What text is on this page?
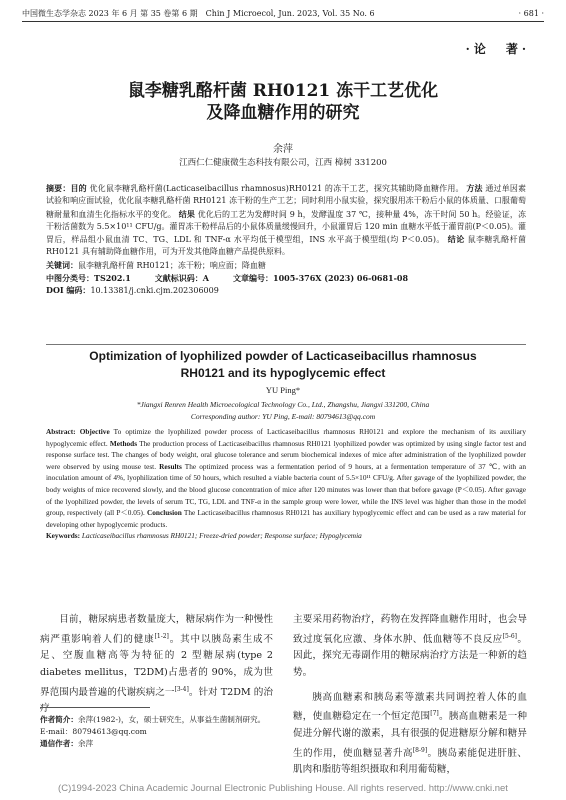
中国微生态学杂志 2023 年 6 月 第 35 卷第 6 期　Chin J Microecol, Jun. 2023, Vol. 35 No. 6	· 681 ·
·论　著·
鼠李糖乳酪杆菌 RH0121 冻干工艺优化
及降血糖作用的研究
余萍
江西仁仁健康微生态科技有限公司，江西 樟树 331200
摘要：目的 优化鼠李糖乳酪杆菌(Lacticaseibacillus rhamnosus)RH0121 的冻干工艺，探究其辅助降血糖作用。 方法 通过单因素试验和响应面试验，优化鼠李糖乳酪杆菌 RH0121 冻干粉的生产工艺；同时利用小鼠实验，探究服用冻干粉后小鼠的体质量、口服葡萄糖耐量和血清生化指标水平的变化。 结果 优化后的工艺为发酵时间 9 h，发酵温度 37 ℃，接种量 4%，冻干时间 50 h。经验证，冻干粉活菌数为 5.5×10¹¹ CFU/g。灌胃冻干粉样品后的小鼠体质量缓慢回升，小鼠灌胃后 120 min 血糖水平低于灌胃前(P＜0.05)。灌胃后，样品组小鼠血清 TC、TG、LDL 和 TNF-α 水平均低于模型组，INS 水平高于模型组(均 P＜0.05)。 结论 鼠李糖乳酪杆菌 RH0121 具有辅助降血糖作用，可为开发其他降血糖产品提供原料。
关键词：鼠李糖乳酪杆菌 RH0121；冻干粉；响应面；降血糖
中图分类号：TS202.1	文献标识码：A	文章编号：1005-376X (2023) 06-0681-08
DOI 编码：10.13381/j.cnki.cjm.202306009
Optimization of lyophilized powder of Lacticaseibacillus rhamnosus
RH0121 and its hypoglycemic effect
YU Ping*
*Jiangxi Renren Health Microecological Technology Co., Ltd., Zhangshu, Jiangxi 331200, China
Corresponding author: YU Ping, E-mail: 80794613@qq.com
Abstract: Objective To optimize the lyophilized powder process of Lacticaseibacillus rhamnosus RH0121 and explore the mechanism of its auxiliary hypoglycemic effect. Methods The production process of Lacticaseibacillus rhamnosus RH0121 lyophilized powder was optimized by using single factor test and response surface test. The changes of body weight, oral glucose tolerance and serum biochemical indexes of mice after administration of the lyophilized powder were observed by using mouse test. Results The optimized process was a fermentation period of 9 hours, at a fermentation temperature of 37 ℃, with an inoculation amount of 4%, lyophilization time of 50 hours, which resulted a viable bacteria count of 5.5×10¹¹ CFU/g. After gavage of the lyophilized powder, the body weights of mice recovered slowly, and the blood glucose concentration of mice after 120 minutes was lower than that before gavage (P＜0.05). After gavage of the lyophilized powder, the levels of serum TC, TG, LDL and TNF-α in the sample group were lower, while the INS level was higher than those in the model group, respectively (all P＜0.05). Conclusion The Lacticaseibacillus rhamnosus RH0121 has auxiliary hypoglycemic effect and can be used as a raw material for developing other hypoglycemic products.
Keywords: Lacticaseibacillus rhamnosus RH0121; Freeze-dried powder; Response surface; Hypoglycemia
目前，糖尿病患者数量庞大，糖尿病作为一种慢性病严重影响着人们的健康[1-2]。其中以胰岛素生成不足、空腹血糖高等为特征的 2 型糖尿病(type 2 diabetes mellitus，T2DM)占患者的 90%，成为世界范围内最普遍的代谢疾病之一[3-4]。针对 T2DM 的治疗
作者简介：余萍(1982-)，女，硕士研究生，从事益生菌制剂研究。E-mail：80794613@qq.com
通信作者：余萍
主要采用药物治疗，药物在发挥降血糖作用时，也会导致过度氧化应激、身体水肿、低血糖等不良反应[5-6]。因此，探究无毒副作用的糖尿病治疗方法是一种新的趋势。
胰高血糖素和胰岛素等激素共同调控着人体的血糖，使血糖稳定在一个恒定范围[7]。胰高血糖素是一种促进分解代谢的激素，具有很强的促进糖原分解和糖异生的作用，使血糖显著升高[8-9]。胰岛素能促进肝脏、肌肉和脂肪等组织摄取和利用葡萄糖，
(C)1994-2023 China Academic Journal Electronic Publishing House. All rights reserved. http://www.cnki.net
